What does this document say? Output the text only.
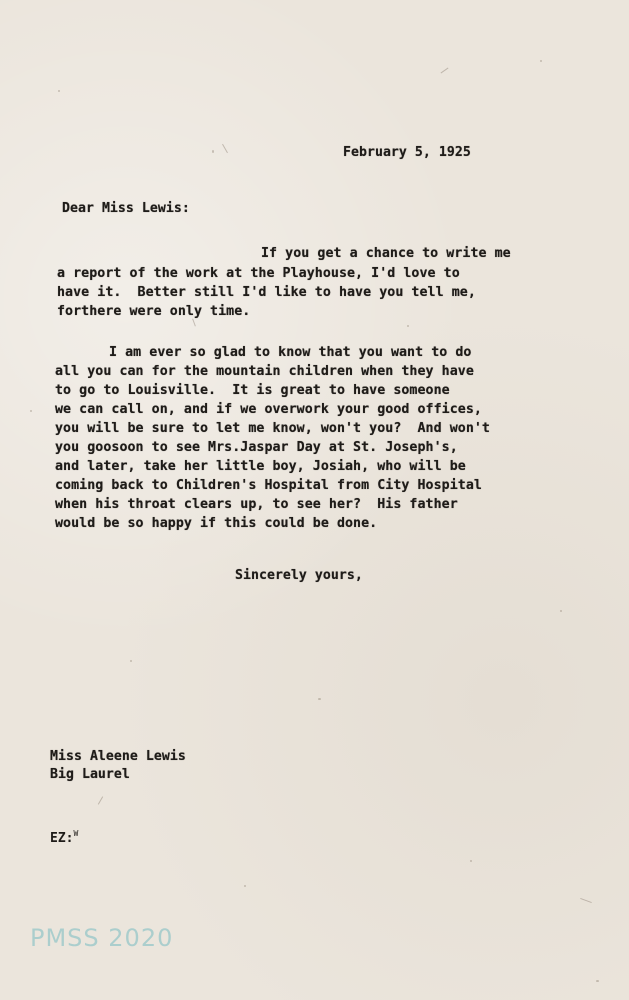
February 5, 1925
Dear Miss Lewis:
If you get a chance to write me
a report of the work at the Playhouse, I'd love to
have it.  Better still I'd like to have you tell me,
forthere were only time.
I am ever so glad to know that you want to do
all you can for the mountain children when they have
to go to Louisville.  It is great to have someone
we can call on, and if we overwork your good offices,
you will be sure to let me know, won't you?  And won't
you goosoon to see Mrs.Jaspar Day at St. Joseph's,
and later, take her little boy, Josiah, who will be
coming back to Children's Hospital from City Hospital
when his throat clears up, to see her?  His father
would be so happy if this could be done.
Sincerely yours,
Miss Aleene Lewis
Big Laurel
EZ:$^W$
PMSS 2020
